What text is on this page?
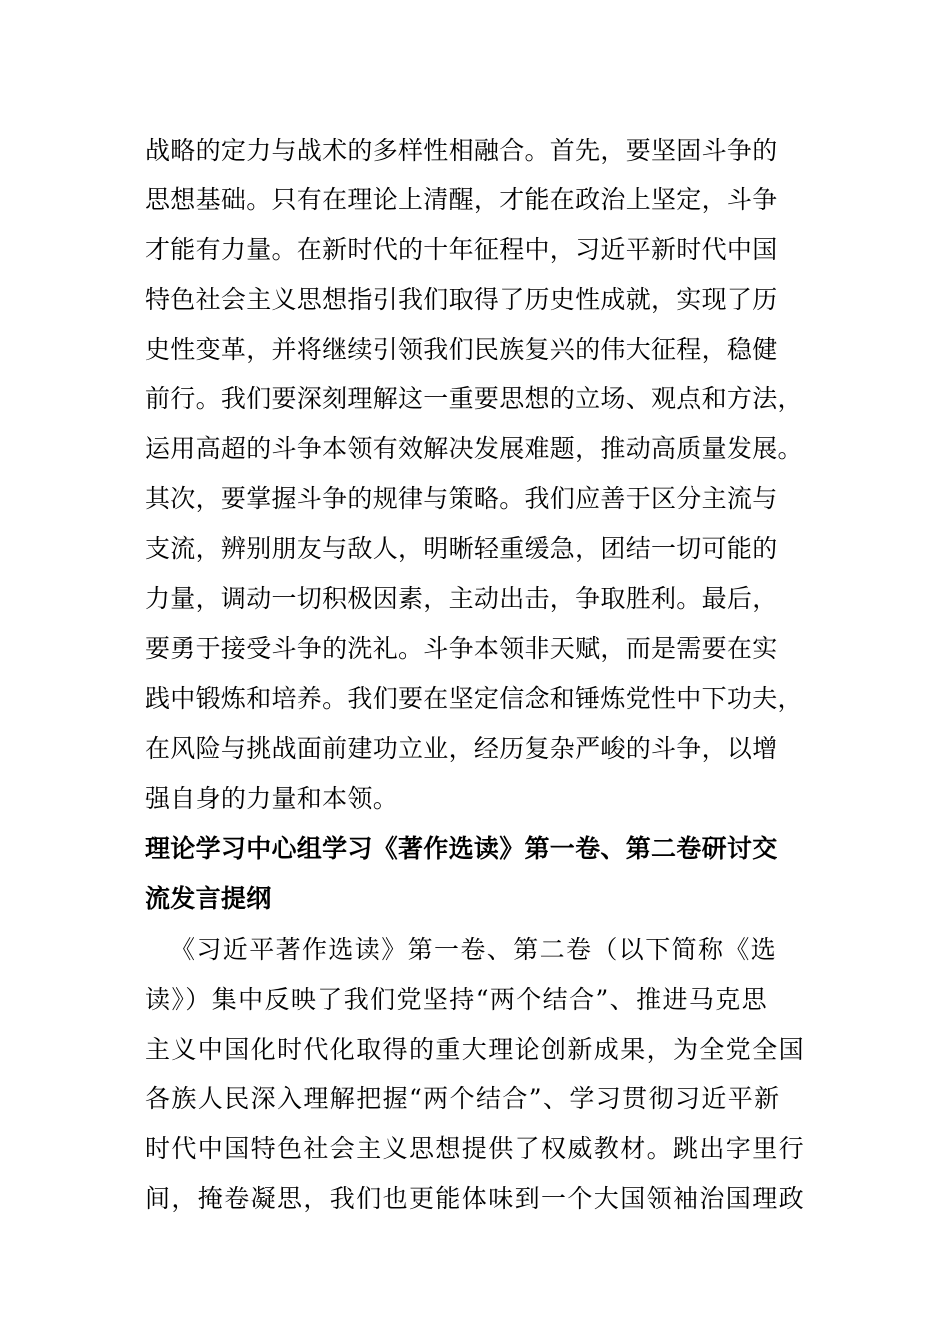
战略的定力与战术的多样性相融合。首先，要坚固斗争的
思想基础。只有在理论上清醒，才能在政治上坚定，斗争
才能有力量。在新时代的十年征程中，习近平新时代中国
特色社会主义思想指引我们取得了历史性成就，实现了历
史性变革，并将继续引领我们民族复兴的伟大征程，稳健
前行。我们要深刻理解这一重要思想的立场、观点和方法，
运用高超的斗争本领有效解决发展难题，推动高质量发展。
其次，要掌握斗争的规律与策略。我们应善于区分主流与
支流，辨别朋友与敌人，明晰轻重缓急，团结一切可能的
力量，调动一切积极因素，主动出击，争取胜利。最后，
要勇于接受斗争的洗礼。斗争本领非天赋，而是需要在实
践中锻炼和培养。我们要在坚定信念和锤炼党性中下功夫，
在风险与挑战面前建功立业，经历复杂严峻的斗争，以增
强自身的力量和本领。
理论学习中心组学习《著作选读》第一卷、第二卷研讨交
流发言提纲
《习近平著作选读》第一卷、第二卷（以下简称《选
读》）集中反映了我们党坚持“两个结合”、推进马克思
主义中国化时代化取得的重大理论创新成果，为全党全国
各族人民深入理解把握“两个结合”、学习贯彻习近平新
时代中国特色社会主义思想提供了权威教材。跳出字里行
间，掩卷凝思，我们也更能体味到一个大国领袖治国理政
